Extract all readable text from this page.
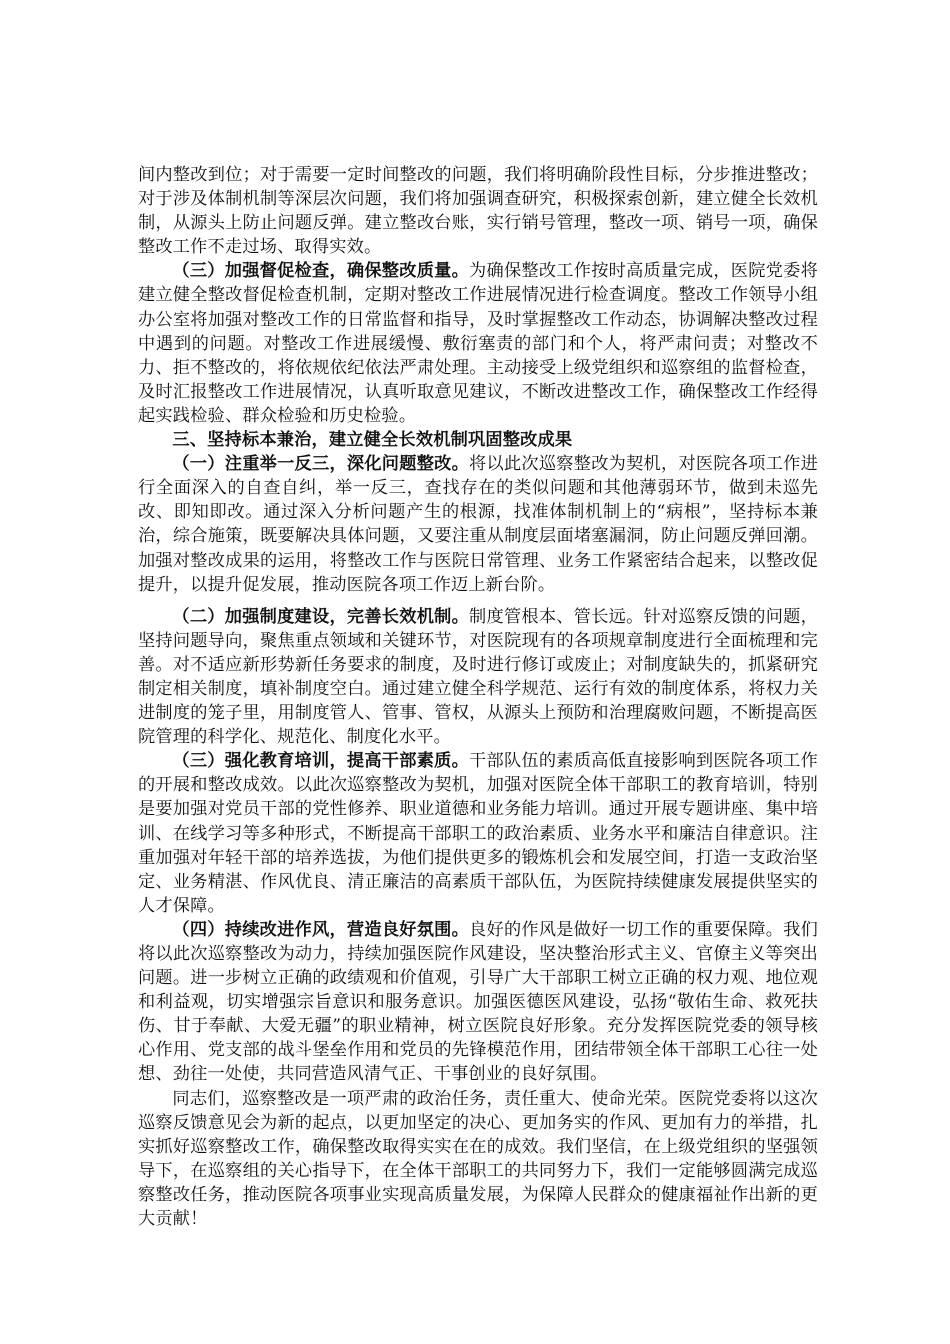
间内整改到位；对于需要一定时间整改的问题，我们将明确阶段性目标，分步推进整改；对于涉及体制机制等深层次问题，我们将加强调查研究，积极探索创新，建立健全长效机制，从源头上防止问题反弹。建立整改台账，实行销号管理，整改一项、销号一项，确保整改工作不走过场、取得实效。

（三）加强督促检查，确保整改质量。为确保整改工作按时高质量完成，医院党委将建立健全整改督促检查机制，定期对整改工作进展情况进行检查调度。整改工作领导小组办公室将加强对整改工作的日常监督和指导，及时掌握整改工作动态，协调解决整改过程中遇到的问题。对整改工作进展缓慢、敷衍塞责的部门和个人，将严肃问责；对整改不力、拒不整改的，将依规依纪依法严肃处理。主动接受上级党组织和巡察组的监督检查，及时汇报整改工作进展情况，认真听取意见建议，不断改进整改工作，确保整改工作经得起实践检验、群众检验和历史检验。

三、坚持标本兼治，建立健全长效机制巩固整改成果

（一）注重举一反三，深化问题整改。将以此次巡察整改为契机，对医院各项工作进行全面深入的自查自纠，举一反三，查找存在的类似问题和其他薄弱环节，做到未巡先改、即知即改。通过深入分析问题产生的根源，找准体制机制上的“病根”，坚持标本兼治，综合施策，既要解决具体问题，又要注重从制度层面堵塞漏洞，防止问题反弹回潮。加强对整改成果的运用，将整改工作与医院日常管理、业务工作紧密结合起来，以整改促提升，以提升促发展，推动医院各项工作迈上新台阶。

（二）加强制度建设，完善长效机制。制度管根本、管长远。针对巡察反馈的问题，坚持问题导向，聚焦重点领域和关键环节，对医院现有的各项规章制度进行全面梳理和完善。对不适应新形势新任务要求的制度，及时进行修订或废止；对制度缺失的，抓紧研究制定相关制度，填补制度空白。通过建立健全科学规范、运行有效的制度体系，将权力关进制度的笼子里，用制度管人、管事、管权，从源头上预防和治理腐败问题，不断提高医院管理的科学化、规范化、制度化水平。

（三）强化教育培训，提高干部素质。干部队伍的素质高低直接影响到医院各项工作的开展和整改成效。以此次巡察整改为契机，加强对医院全体干部职工的教育培训，特别是要加强对党员干部的党性修养、职业道德和业务能力培训。通过开展专题讲座、集中培训、在线学习等多种形式，不断提高干部职工的政治素质、业务水平和廉洁自律意识。注重加强对年轻干部的培养选拔，为他们提供更多的锻炼机会和发展空间，打造一支政治坚定、业务精湛、作风优良、清正廉洁的高素质干部队伍，为医院持续健康发展提供坚实的人才保障。

（四）持续改进作风，营造良好氛围。良好的作风是做好一切工作的重要保障。我们将以此次巡察整改为动力，持续加强医院作风建设，坚决整治形式主义、官僚主义等突出问题。进一步树立正确的政绩观和价值观，引导广大干部职工树立正确的权力观、地位观和利益观，切实增强宗旨意识和服务意识。加强医德医风建设，弘扬“敬佑生命、救死扶伤、甘于奉献、大爱无疆”的职业精神，树立医院良好形象。充分发挥医院党委的领导核心作用、党支部的战斗堡垒作用和党员的先锋模范作用，团结带领全体干部职工心往一处想、劲往一处使，共同营造风清气正、干事创业的良好氛围。

同志们，巡察整改是一项严肃的政治任务，责任重大、使命光荣。医院党委将以这次巡察反馈意见会为新的起点，以更加坚定的决心、更加务实的作风、更加有力的举措，扎实抓好巡察整改工作，确保整改取得实实在在的成效。我们坚信，在上级党组织的坚强领导下，在巡察组的关心指导下，在全体干部职工的共同努力下，我们一定能够圆满完成巡察整改任务，推动医院各项事业实现高质量发展，为保障人民群众的健康福祉作出新的更大贡献！
